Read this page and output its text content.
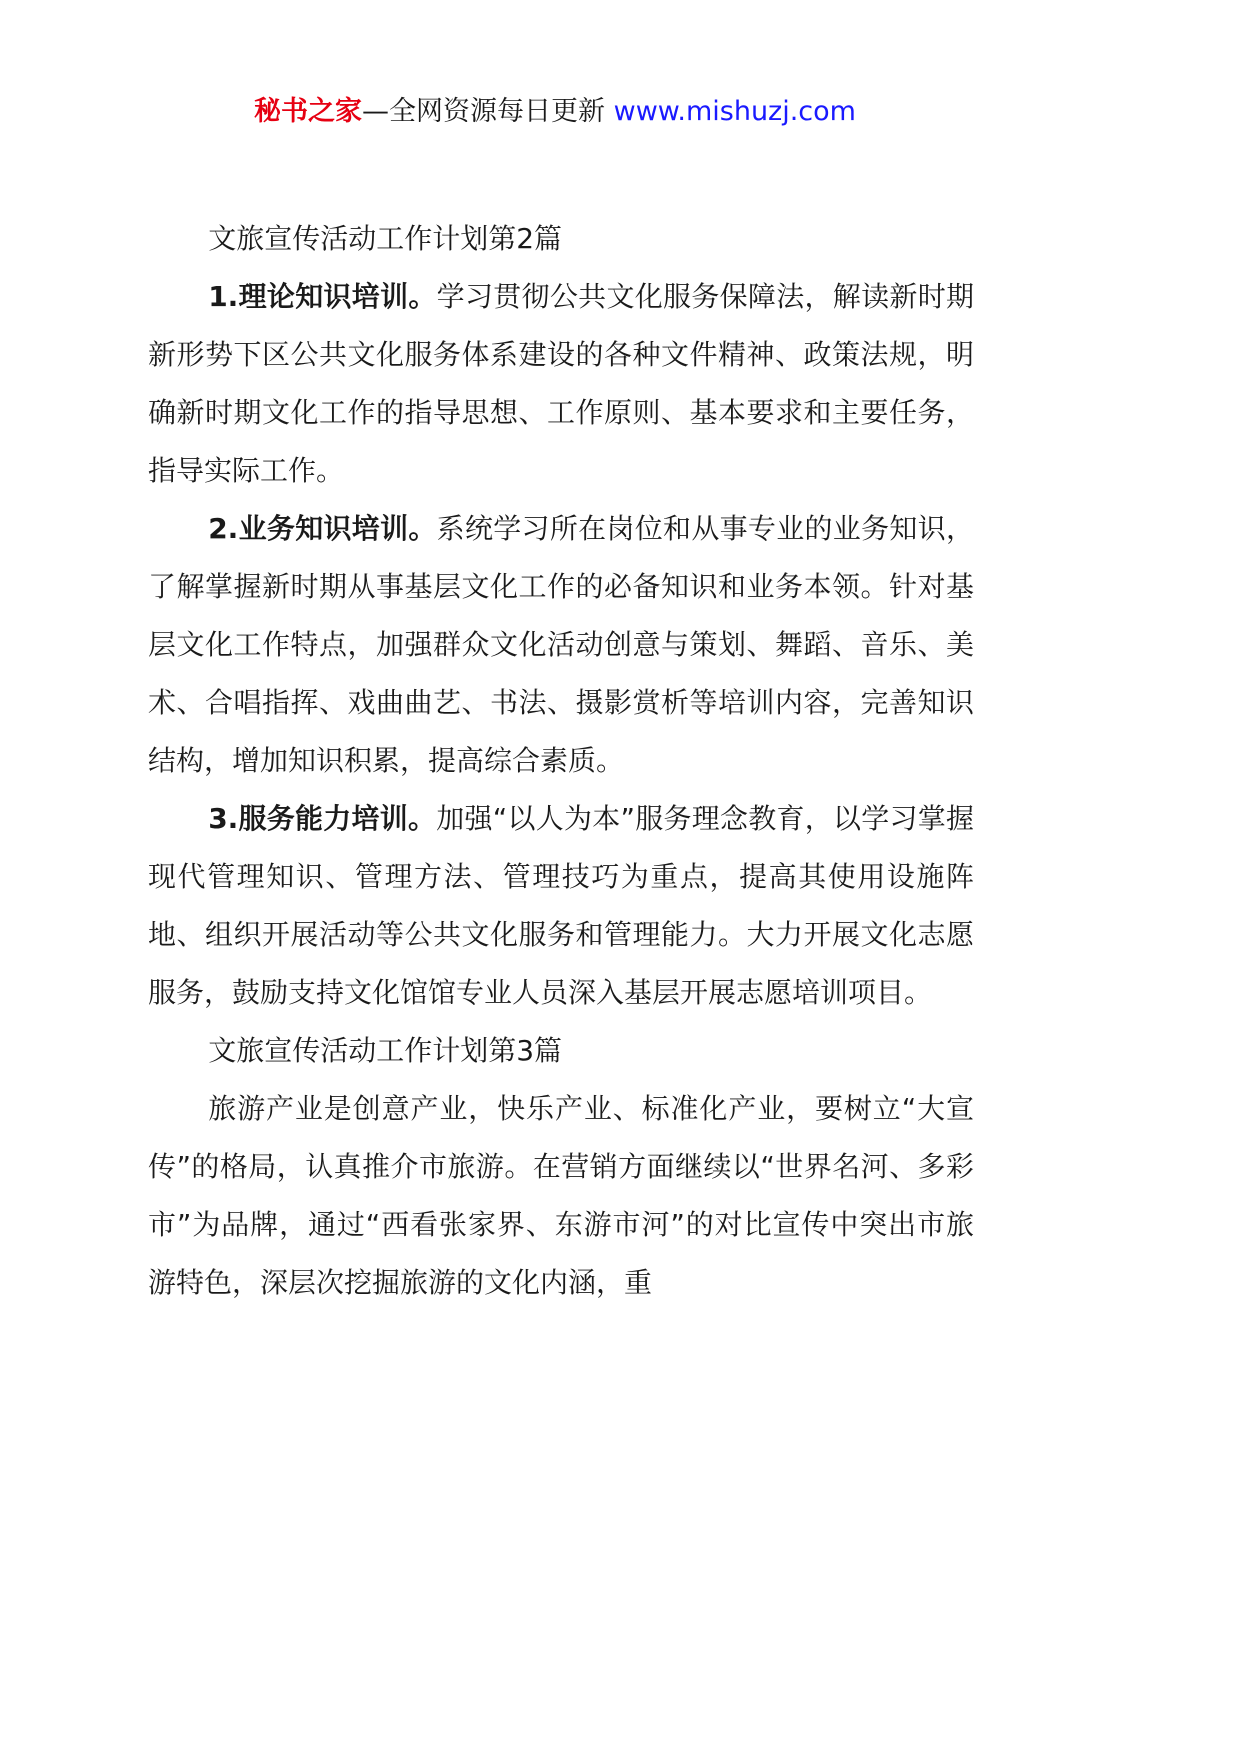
秘书之家—全网资源每日更新 www.mishuzj.com

文旅宣传活动工作计划第2篇

1.理论知识培训。学习贯彻公共文化服务保障法，解读新时期新形势下区公共文化服务体系建设的各种文件精神、政策法规，明确新时期文化工作的指导思想、工作原则、基本要求和主要任务，指导实际工作。

2.业务知识培训。系统学习所在岗位和从事专业的业务知识，了解掌握新时期从事基层文化工作的必备知识和业务本领。针对基层文化工作特点，加强群众文化活动创意与策划、舞蹈、音乐、美术、合唱指挥、戏曲曲艺、书法、摄影赏析等培训内容，完善知识结构，增加知识积累，提高综合素质。

3.服务能力培训。加强“以人为本”服务理念教育，以学习掌握现代管理知识、管理方法、管理技巧为重点，提高其使用设施阵地、组织开展活动等公共文化服务和管理能力。大力开展文化志愿服务，鼓励支持文化馆馆专业人员深入基层开展志愿培训项目。

文旅宣传活动工作计划第3篇

旅游产业是创意产业，快乐产业、标准化产业，要树立“大宣传”的格局，认真推介市旅游。在营销方面继续以“世界名河、多彩市”为品牌，通过“西看张家界、东游市河”的对比宣传中突出市旅游特色，深层次挖掘旅游的文化内涵，重
